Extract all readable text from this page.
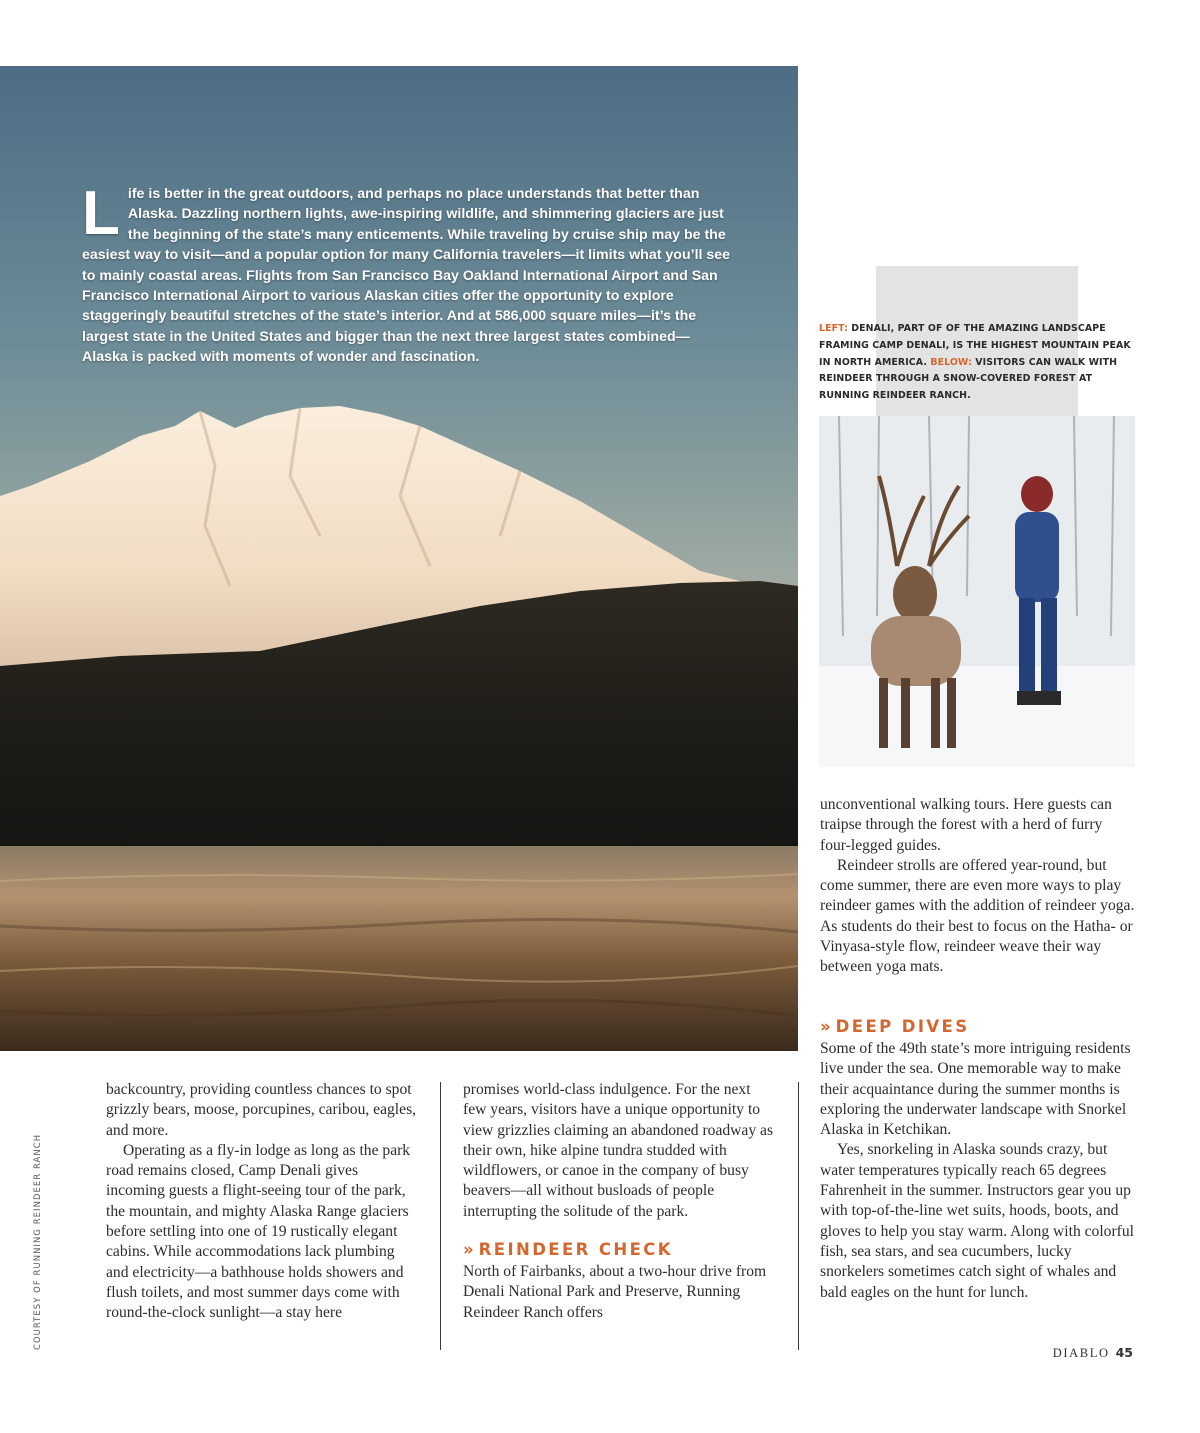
L ife is better in the great outdoors, and perhaps no place understands that better than Alaska. Dazzling northern lights, awe-inspiring wildlife, and shimmering glaciers are just the beginning of the state’s many enticements. While traveling by cruise ship may be the easiest way to visit—and a popular option for many California travelers—it limits what you’ll see to mainly coastal areas. Flights from San Francisco Bay Oakland International Airport and San Francisco International Airport to various Alaskan cities offer the opportunity to explore staggeringly beautiful stretches of the state’s interior. And at 586,000 square miles—it’s the largest state in the United States and bigger than the next three largest states combined—Alaska is packed with moments of wonder and fascination.
LEFT: DENALI, PART OF OF THE AMAZING LANDSCAPE FRAMING CAMP DENALI, IS THE HIGHEST MOUNTAIN PEAK IN NORTH AMERICA. BELOW: VISITORS CAN WALK WITH REINDEER THROUGH A SNOW-COVERED FOREST AT RUNNING REINDEER RANCH.

backcountry, providing countless chances to spot grizzly bears, moose, porcupines, caribou, eagles, and more.

Operating as a fly-in lodge as long as the park road remains closed, Camp Denali gives incoming guests a flight-seeing tour of the park, the mountain, and mighty Alaska Range glaciers before settling into one of 19 rustically elegant cabins. While accommodations lack plumbing and electricity—a bathhouse holds showers and flush toilets, and most summer days come with round-the-clock sunlight—a stay here

promises world-class indulgence. For the next few years, visitors have a unique opportunity to view grizzlies claiming an abandoned roadway as their own, hike alpine tundra studded with wildflowers, or canoe in the company of busy beavers—all without busloads of people interrupting the solitude of the park.

» REINDEER CHECK

North of Fairbanks, about a two-hour drive from Denali National Park and Preserve, Running Reindeer Ranch offers

unconventional walking tours. Here guests can traipse through the forest with a herd of furry four-legged guides.

Reindeer strolls are offered year-round, but come summer, there are even more ways to play reindeer games with the addition of reindeer yoga. As students do their best to focus on the Hatha- or Vinyasa-style flow, reindeer weave their way between yoga mats.

» DEEP DIVES

Some of the 49th state’s more intriguing residents live under the sea. One memorable way to make their acquaintance during the summer months is exploring the underwater landscape with Snorkel Alaska in Ketchikan.

Yes, snorkeling in Alaska sounds crazy, but water temperatures typically reach 65 degrees Fahrenheit in the summer. Instructors gear you up with top-of-the-line wet suits, hoods, boots, and gloves to help you stay warm. Along with colorful fish, sea stars, and sea cucumbers, lucky snorkelers sometimes catch sight of whales and bald eagles on the hunt for lunch.

COURTESY OF RUNNING REINDEER RANCH
DIABLO 45
